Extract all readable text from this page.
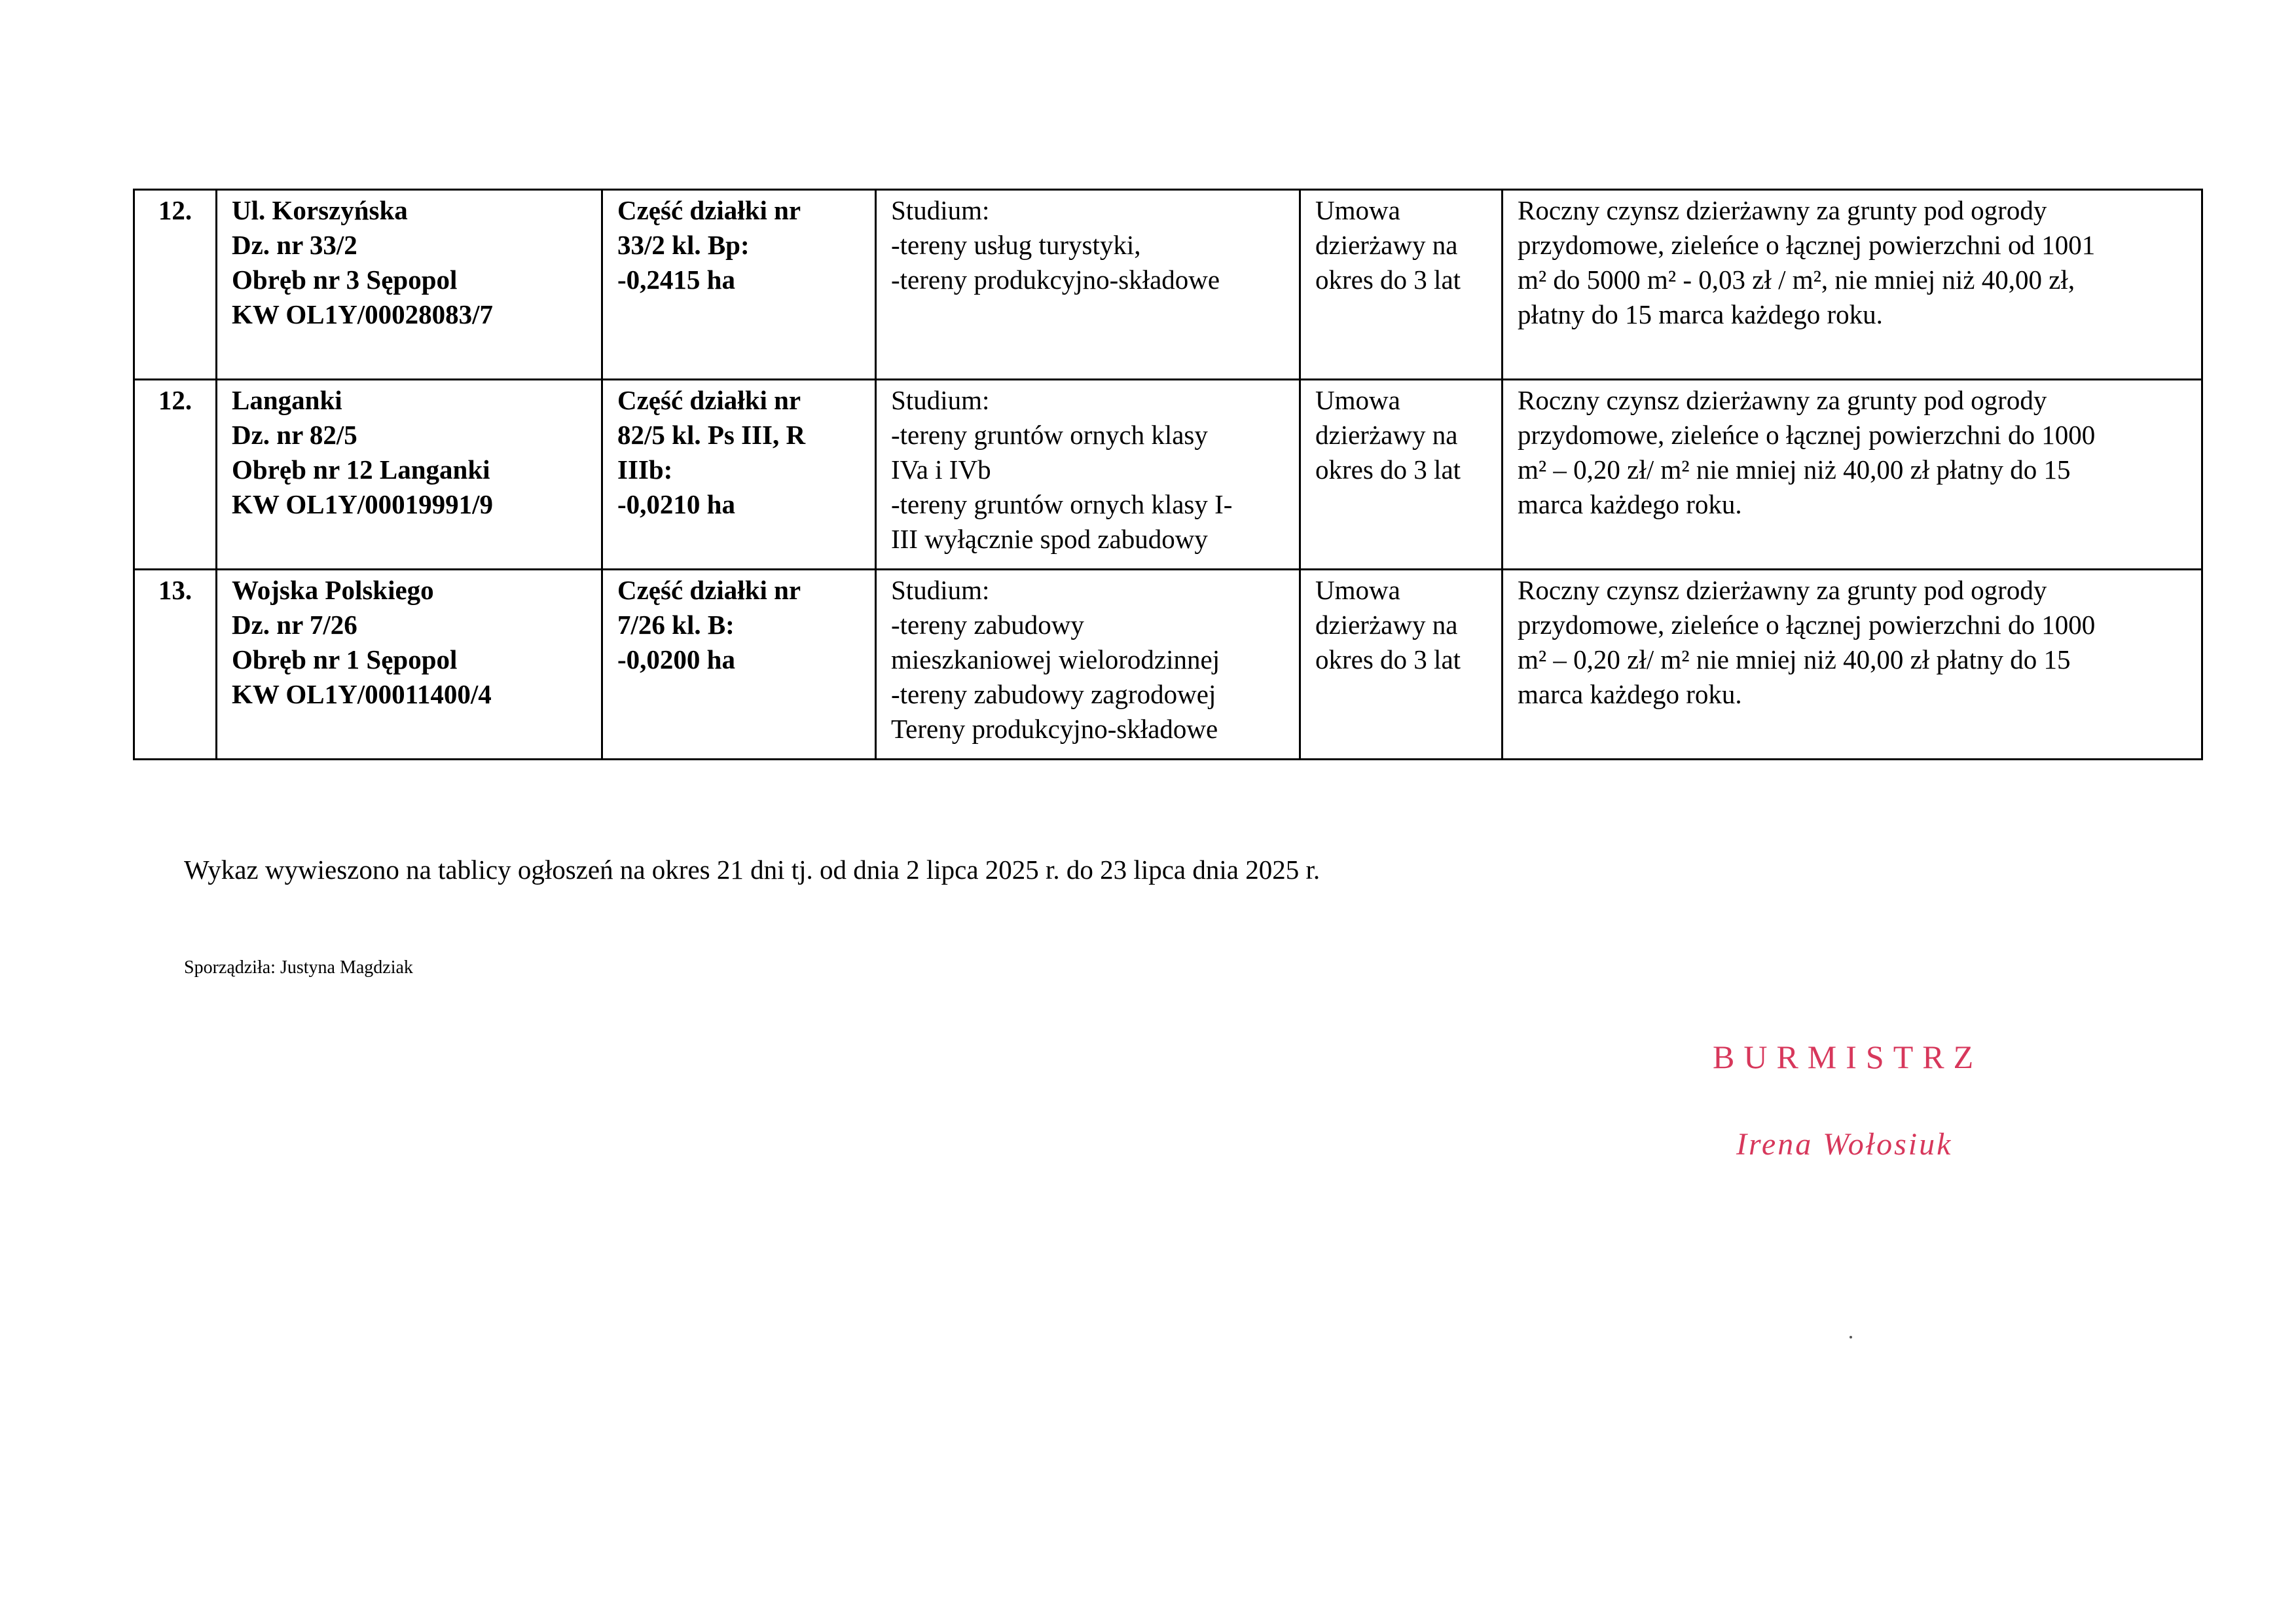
12.	Ul. Korszyńska
Dz. nr 33/2
Obręb nr 3 Sępopol
KW OL1Y/00028083/7	Część działki nr
33/2 kl. Bp:
-0,2415 ha	Studium:
-tereny usług turystyki,
-tereny produkcyjno-składowe	Umowa
dzierżawy na
okres do 3 lat	Roczny czynsz dzierżawny za grunty pod ogrody
przydomowe, zieleńce o łącznej powierzchni od 1001
m² do 5000 m² - 0,03 zł / m², nie mniej niż 40,00 zł,
płatny do 15 marca każdego roku.

12.	Langanki
Dz. nr 82/5
Obręb nr 12 Langanki
KW OL1Y/00019991/9	Część działki nr
82/5 kl. Ps III, R
IIIb:
-0,0210 ha	Studium:
-tereny gruntów ornych klasy
IVa i IVb
-tereny gruntów ornych klasy I-
III wyłącznie spod zabudowy	Umowa
dzierżawy na
okres do 3 lat	Roczny czynsz dzierżawny za grunty pod ogrody
przydomowe, zieleńce o łącznej powierzchni do 1000
m² – 0,20 zł/ m² nie mniej niż 40,00 zł płatny do 15
marca każdego roku.

13.	Wojska Polskiego
Dz. nr 7/26
Obręb nr 1 Sępopol
KW OL1Y/00011400/4	Część działki nr
7/26 kl. B:
-0,0200 ha	Studium:
-tereny zabudowy
mieszkaniowej wielorodzinnej
-tereny zabudowy zagrodowej
Tereny produkcyjno-składowe	Umowa
dzierżawy na
okres do 3 lat	Roczny czynsz dzierżawny za grunty pod ogrody
przydomowe, zieleńce o łącznej powierzchni do 1000
m² – 0,20 zł/ m² nie mniej niż 40,00 zł płatny do 15
marca każdego roku.
Wykaz wywieszono na tablicy ogłoszeń na okres 21 dni tj. od dnia 2 lipca 2025 r. do 23 lipca dnia 2025 r.
Sporządziła: Justyna Magdziak
BURMISTRZ
Irena Wołosiuk
